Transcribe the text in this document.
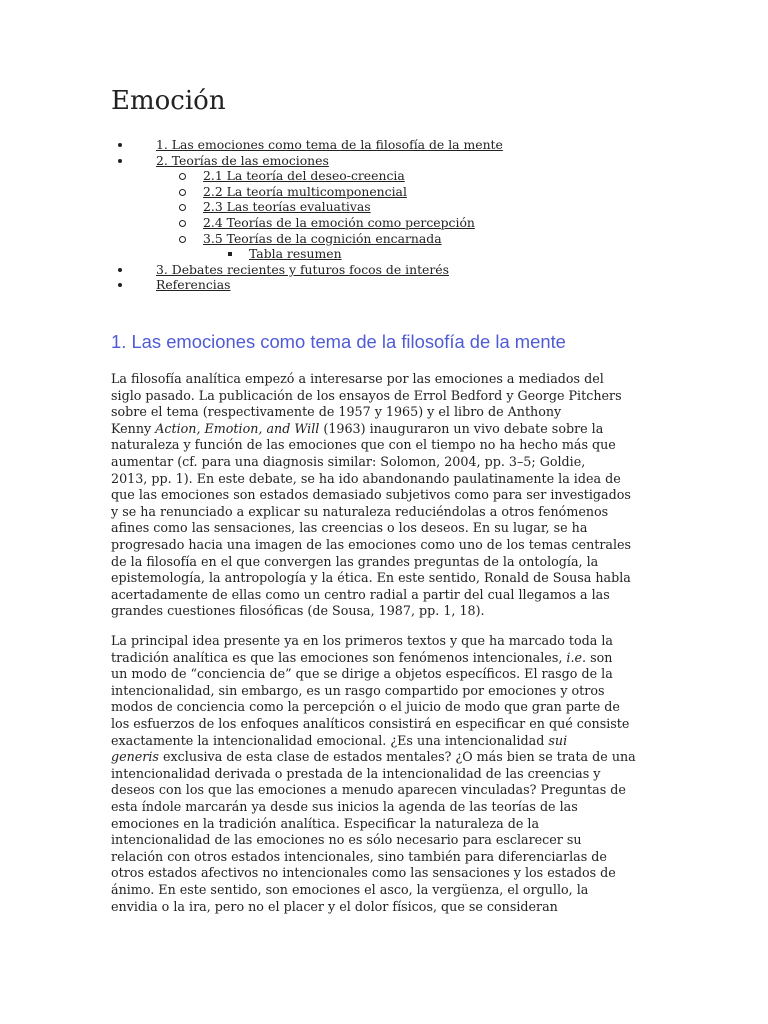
Emoción
1. Las emociones como tema de la filosofía de la mente
2. Teorías de las emociones
2.1 La teoría del deseo-creencia
2.2 La teoría multicomponencial
2.3 Las teorías evaluativas
2.4 Teorías de la emoción como percepción
3.5 Teorías de la cognición encarnada
Tabla resumen
3. Debates recientes y futuros focos de interés
Referencias
1. Las emociones como tema de la filosofía de la mente

La filosofía analítica empezó a interesarse por las emociones a mediados del
siglo pasado. La publicación de los ensayos de Errol Bedford y George Pitchers
sobre el tema (respectivamente de 1957 y 1965) y el libro de Anthony
Kenny Action, Emotion, and Will (1963) inauguraron un vivo debate sobre la
naturaleza y función de las emociones que con el tiempo no ha hecho más que
aumentar (cf. para una diagnosis similar: Solomon, 2004, pp. 3–5; Goldie,
2013, pp. 1). En este debate, se ha ido abandonando paulatinamente la idea de
que las emociones son estados demasiado subjetivos como para ser investigados
y se ha renunciado a explicar su naturaleza reduciéndolas a otros fenómenos
afines como las sensaciones, las creencias o los deseos. En su lugar, se ha
progresado hacia una imagen de las emociones como uno de los temas centrales
de la filosofía en el que convergen las grandes preguntas de la ontología, la
epistemología, la antropología y la ética. En este sentido, Ronald de Sousa habla
acertadamente de ellas como un centro radial a partir del cual llegamos a las
grandes cuestiones filosóficas (de Sousa, 1987, pp. 1, 18).

La principal idea presente ya en los primeros textos y que ha marcado toda la
tradición analítica es que las emociones son fenómenos intencionales, i.e. son
un modo de “conciencia de” que se dirige a objetos específicos. El rasgo de la
intencionalidad, sin embargo, es un rasgo compartido por emociones y otros
modos de conciencia como la percepción o el juicio de modo que gran parte de
los esfuerzos de los enfoques analíticos consistirá en especificar en qué consiste
exactamente la intencionalidad emocional. ¿Es una intencionalidad sui
generis exclusiva de esta clase de estados mentales? ¿O más bien se trata de una
intencionalidad derivada o prestada de la intencionalidad de las creencias y
deseos con los que las emociones a menudo aparecen vinculadas? Preguntas de
esta índole marcarán ya desde sus inicios la agenda de las teorías de las
emociones en la tradición analítica. Especificar la naturaleza de la
intencionalidad de las emociones no es sólo necesario para esclarecer su
relación con otros estados intencionales, sino también para diferenciarlas de
otros estados afectivos no intencionales como las sensaciones y los estados de
ánimo. En este sentido, son emociones el asco, la vergüenza, el orgullo, la
envidia o la ira, pero no el placer y el dolor físicos, que se consideran
